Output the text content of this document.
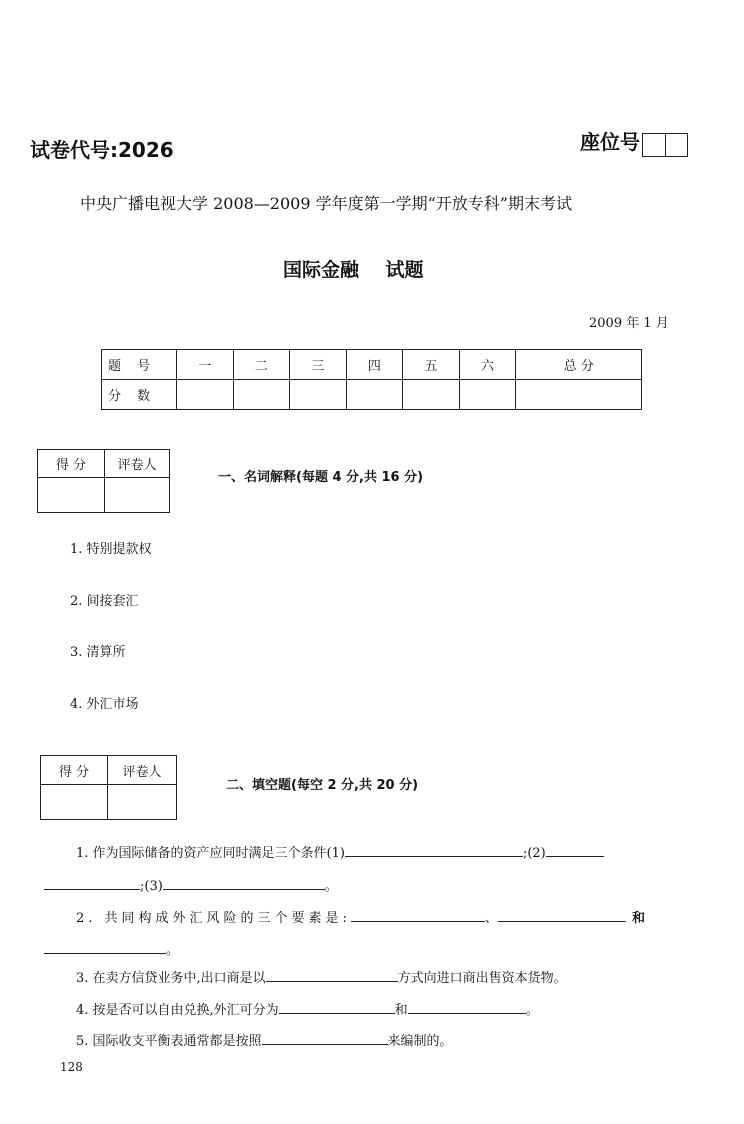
试卷代号:2026	座位号
中央广播电视大学 2008—2009 学年度第一学期“开放专科”期末考试
国际金融    试题
2009 年 1 月
题 号	一	二	三	四	五	六	总 分
分 数							
得 分	评卷人

一、名词解释(每题 4 分,共 16 分)
1. 特别提款权
2. 间接套汇
3. 清算所
4. 外汇市场
得 分	评卷人

二、填空题(每空 2 分,共 20 分)
1. 作为国际储备的资产应同时满足三个条件(1)	;(2)
;(3)	。
2. 共同构成外汇风险的三个要素是:	、	和
。
3. 在卖方信贷业务中,出口商是以	方式向进口商出售资本货物。
4. 按是否可以自由兑换,外汇可分为	和	。
5. 国际收支平衡表通常都是按照	来编制的。
128
